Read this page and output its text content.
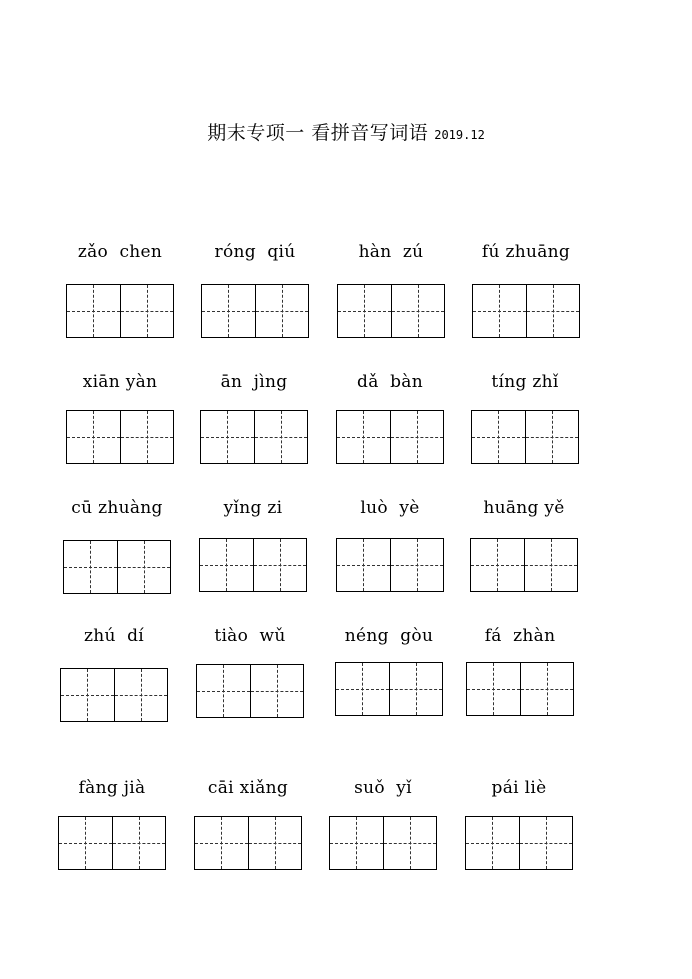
期末专项一 看拼音写词语 2019.12
zǎo  chen	róng  qiú	hàn  zú	fú zhuāng
xiān yàn	ān  jìng	dǎ  bàn	tíng zhǐ
cū zhuàng	yǐng zi	luò  yè	huāng yě
zhú  dí	tiào  wǔ	néng  gòu	fá  zhàn
fàng jià	cāi xiǎng	suǒ  yǐ	pái liè
